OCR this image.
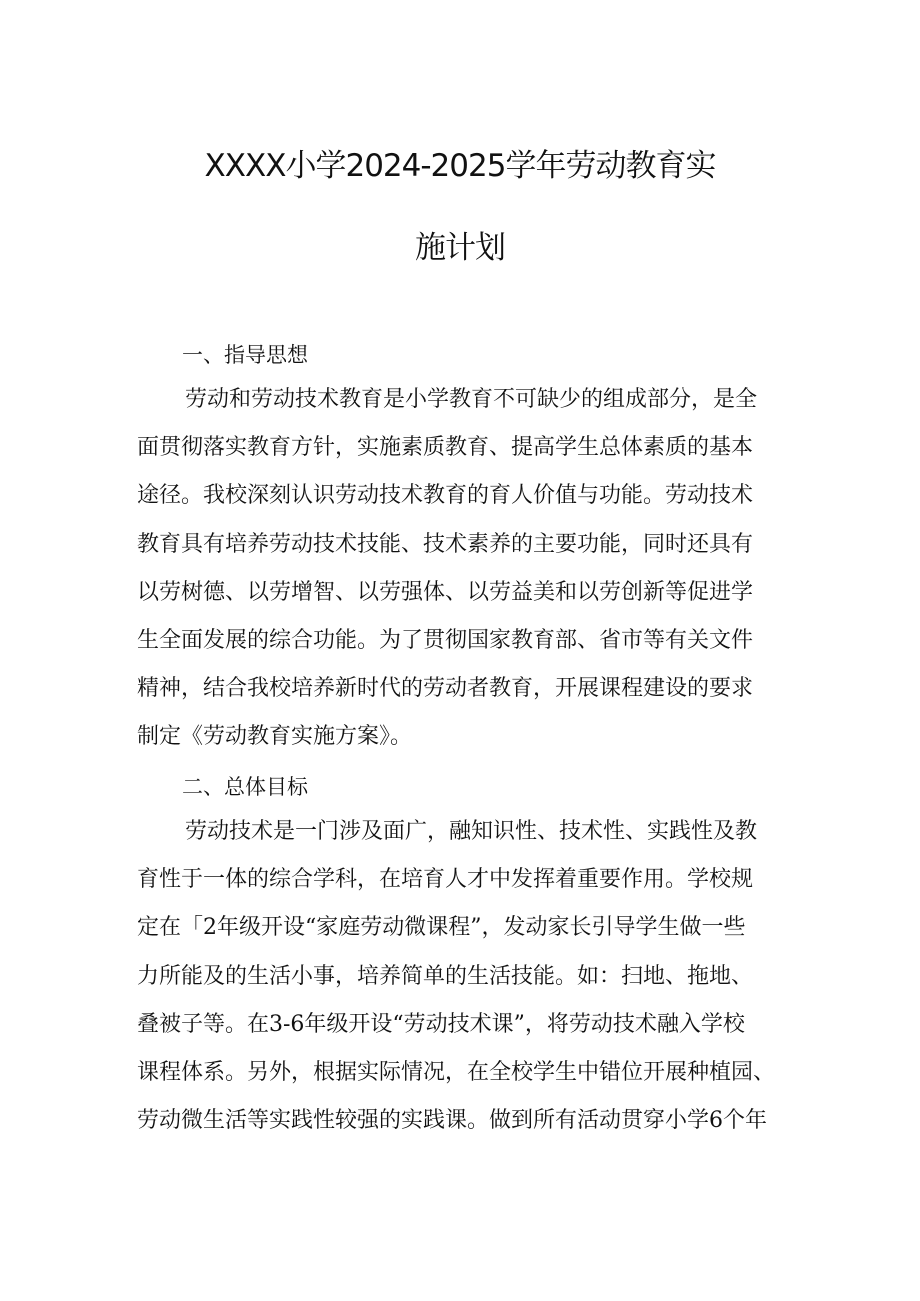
XXXX小学2024-2025学年劳动教育实
施计划
一、指导思想
劳动和劳动技术教育是小学教育不可缺少的组成部分，是全
面贯彻落实教育方针，实施素质教育、提高学生总体素质的基本
途径。我校深刻认识劳动技术教育的育人价值与功能。劳动技术
教育具有培养劳动技术技能、技术素养的主要功能，同时还具有
以劳树德、以劳增智、以劳强体、以劳益美和以劳创新等促进学
生全面发展的综合功能。为了贯彻国家教育部、省市等有关文件
精神，结合我校培养新时代的劳动者教育，开展课程建设的要求
制定《劳动教育实施方案》。
二、总体目标
劳动技术是一门涉及面广，融知识性、技术性、实践性及教
育性于一体的综合学科，在培育人才中发挥着重要作用。学校规
定在「2年级开设“家庭劳动微课程”，发动家长引导学生做一些
力所能及的生活小事，培养简单的生活技能。如：扫地、拖地、
叠被子等。在3-6年级开设“劳动技术课”，将劳动技术融入学校
课程体系。另外，根据实际情况，在全校学生中错位开展种植园、
劳动微生活等实践性较强的实践课。做到所有活动贯穿小学6个年
